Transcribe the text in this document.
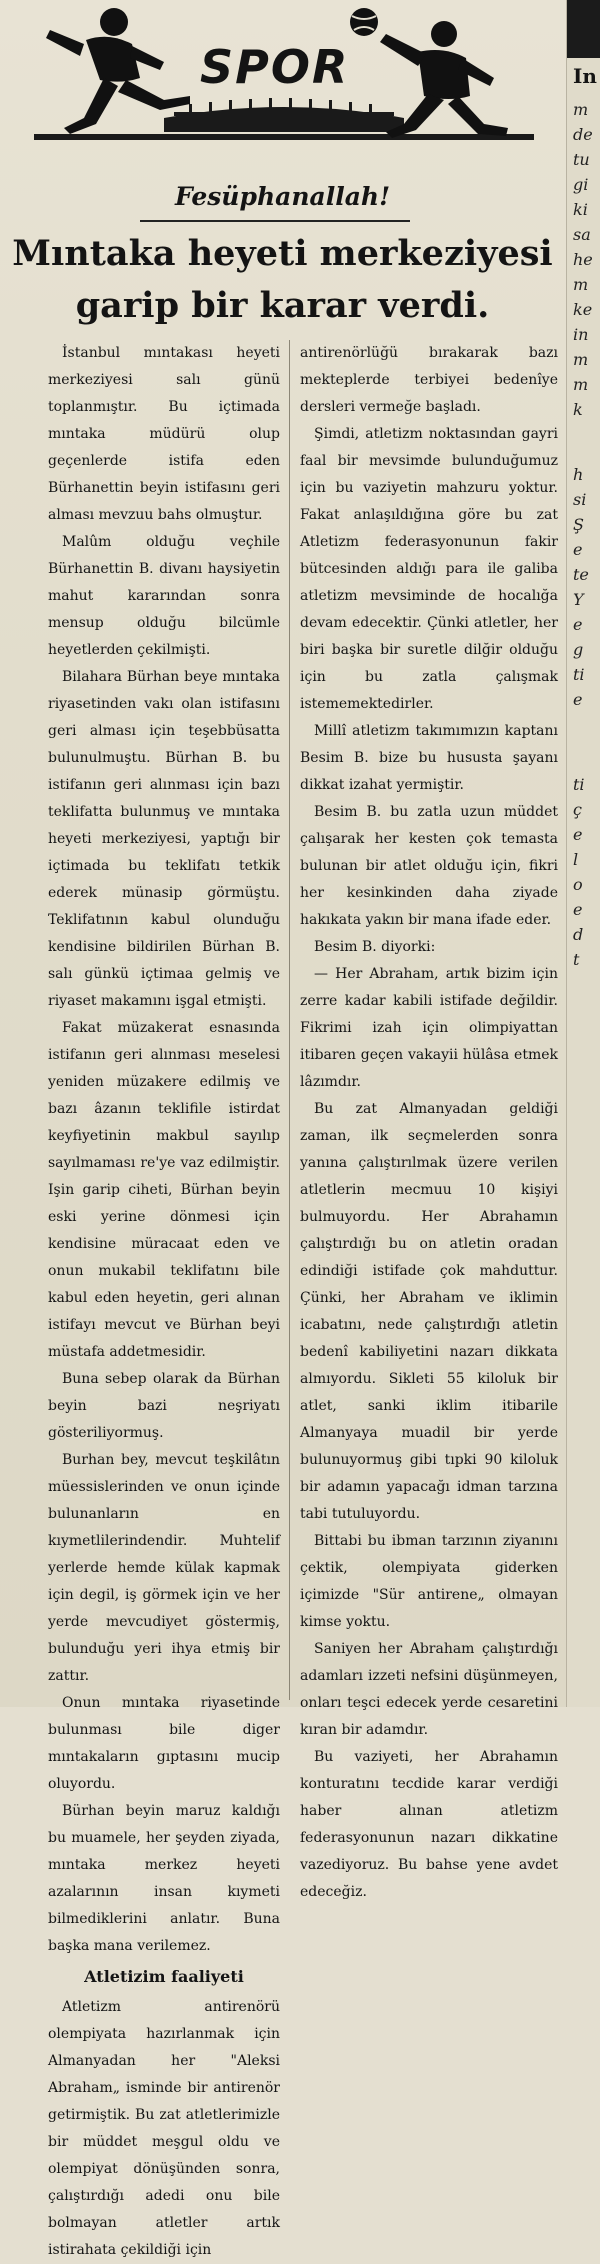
SPOR
Fesüphanallah!
Mıntaka heyeti merkeziyesi
garip bir karar verdi.

İstanbul mıntakası heyeti merkeziyesi salı günü toplanmıştır. Bu içtimada mıntaka müdürü olup geçenlerde istifa eden Bürhanettin beyin istifasını geri alması mevzuu bahs olmuştur.

Malûm olduğu veçhile Bürhanettin B. divanı haysiyetin mahut kararından sonra mensup olduğu bilcümle heyetlerden çekilmişti.

Bilahara Bürhan beye mıntaka riyasetinden vakı olan istifasını geri alması için teşebbüsatta bulunulmuştu. Bürhan B. bu istifanın geri alınması için bazı teklifatta bulunmuş ve mıntaka heyeti merkeziyesi, yaptığı bir içtimada bu teklifatı tetkik ederek münasip görmüştu. Teklifatının kabul olunduğu kendisine bildirilen Bürhan B. salı günkü içtimaa gelmiş ve riyaset makamını işgal etmişti.

Fakat müzakerat esnasında istifanın geri alınması meselesi yeniden müzakere edilmiş ve bazı âzanın teklifile istirdat keyfiyetinin makbul sayılıp sayılmaması re'ye vaz edilmiştir. Işin garip ciheti, Bürhan beyin eski yerine dönmesi için kendisine müracaat eden ve onun mukabil teklifatını bile kabul eden heyetin, geri alınan istifayı mevcut ve Bürhan beyi müstafa addetmesidir.

Buna sebep olarak da Bürhan beyin bazi neşriyatı gösteriliyormuş.

Burhan bey, mevcut teşkilâtın müessislerinden ve onun içinde bulunanların en kıymetlilerindendir. Muhtelif yerlerde hemde külak kapmak için degil, iş görmek için ve her yerde mevcudiyet göstermiş, bulunduğu yeri ihya etmiş bir zattır.

Onun mıntaka riyasetinde bulunması bile diger mıntakaların gıptasını mucip oluyordu.

Bürhan beyin maruz kaldığı bu muamele, her şeyden ziyada, mıntaka merkez heyeti azalarının insan kıymeti bilmediklerini anlatır. Buna başka mana verilemez.

Atletizim faaliyeti

Atletizm antirenörü olempiyata hazırlanmak için Almanyadan her "Aleksi Abraham„ isminde bir antirenör getirmiştik. Bu zat atletlerimizle bir müddet meşgul oldu ve olempiyat dönüşünden sonra, çalıştırdığı adedi onu bile bolmayan atletler artık istirahata çekildiği için

antirenörlüğü bırakarak bazı mekteplerde terbiyei bedenîye dersleri vermeğe başladı.

Şimdi, atletizm noktasından gayri faal bir mevsimde bulunduğumuz için bu vaziyetin mahzuru yoktur. Fakat anlaşıldığına göre bu zat Atletizm federasyonunun fakir bütcesinden aldığı para ile galiba atletizm mevsiminde de hocalığa devam edecektir. Çünki atletler, her biri başka bir suretle dilğir olduğu için bu zatla çalışmak istememektedirler.

Millî atletizm takımımızın kaptanı Besim B. bize bu hususta şayanı dikkat izahat yermiştir.

Besim B. bu zatla uzun müddet çalışarak her kesten çok temasta bulunan bir atlet olduğu için, fikri her kesinkinden daha ziyade hakıkata yakın bir mana ifade eder.

Besim B. diyorki:

— Her Abraham, artık bizim için zerre kadar kabili istifade değildir. Fikrimi izah için olimpiyattan itibaren geçen vakayii hülâsa etmek lâzımdır.

Bu zat Almanyadan geldiği zaman, ilk seçmelerden sonra yanına çalıştırılmak üzere verilen atletlerin mecmuu 10 kişiyi bulmuyordu. Her Abrahamın çalıştırdığı bu on atletin oradan edindiği istifade çok mahduttur. Çünki, her Abraham ve iklimin icabatını, nede çalıştırdığı atletin bedenî kabiliyetini nazarı dikkata almıyordu. Sikleti 55 kiloluk bir atlet, sanki iklim itibarile Almanyaya muadil bir yerde bulunuyormuş gibi tıpki 90 kiloluk bir adamın yapacağı idman tarzına tabi tutuluyordu.

Bittabi bu ibman tarzının ziyanını çektik, olempiyata giderken içimizde "Sür antirene„ olmayan kimse yoktu.

Saniyen her Abraham çalıştırdığı adamları izzeti nefsini düşünmeyen, onları teşci edecek yerde cesaretini kıran bir adamdır.

Bu vaziyeti, her Abrahamın konturatını tecdide karar verdiği haber alınan atletizm federasyonunun nazarı dikkatine vazediyoruz. Bu bahse yene avdet edeceğiz.

In
m
de
tu
gi
ki
sa
he
m
ke
in
m
m
k
h
si
Ş
e
te
Y
e
g
ti
e
ti
ç
e
l
o
e
d
t
